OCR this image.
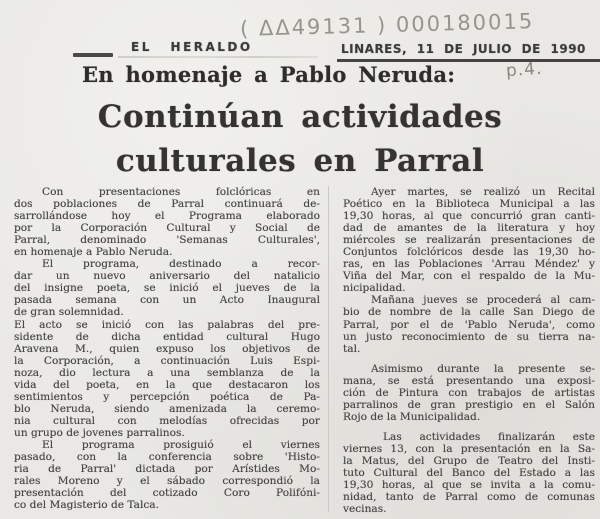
( ΔΔ49131 ) 000180015
EL HERALDO	LINARES, 11 DE JULIO DE 1990
En homenaje a Pablo Neruda:	p.4.
Continúan actividades
culturales en Parral
Con presentaciones folclóricas en
dos poblaciones de Parral continuará de-
sarrollándose hoy el Programa elaborado
por la Corporación Cultural y Social de
Parral, denominado 'Semanas Culturales',
en homenaje a Pablo Neruda.
El programa, destinado a recor-
dar un nuevo aniversario del natalicio
del insigne poeta, se inició el jueves de la
pasada semana con un Acto Inaugural
de gran solemnidad.
El acto se inició con las palabras del pre-
sidente de dicha entidad cultural Hugo
Aravena M., quien expuso los objetivos de
la Corporación, a continuación Luis Espi-
noza, dio lectura a una semblanza de la
vida del poeta, en la que destacaron los
sentimientos y percepción poética de Pa-
blo Neruda, siendo amenizada la ceremo-
nia cultural con melodías ofrecidas por
un grupo de jovenes parralinos.
El programa prosiguió el viernes
pasado, con la conferencia sobre 'Histo-
ria de Parral' dictada por Arístides Mo-
rales Moreno y el sábado correspondió la
presentación del cotizado Coro Polifóni-
co del Magisterio de Talca.
Ayer martes, se realizó un Recital
Poético en la Biblioteca Municipal a las
19,30 horas, al que concurrió gran canti-
dad de amantes de la literatura y hoy
miércoles se realizarán presentaciones de
Conjuntos folclóricos desde las 19,30 ho-
ras, en las Poblaciones 'Arrau Méndez' y
Viña del Mar, con el respaldo de la Mu-
nicipalidad.
Mañana jueves se procederá al cam-
bio de nombre de la calle San Diego de
Parral, por el de 'Pablo Neruda', como
un justo reconocimiento de su tierra na-
tal.
Asimismo durante la presente se-
mana, se está presentando una exposi-
ción de Pintura con trabajos de artistas
parralinos de gran prestigio en el Salón
Rojo de la Municipalidad.
Las actividades finalizarán este
viernes 13, con la presentación en la Sa-
la Matus, del Grupo de Teatro del Insti-
tuto Cultural del Banco del Estado a las
19,30 horas, al que se invita a la comu-
nidad, tanto de Parral como de comunas
vecinas.
